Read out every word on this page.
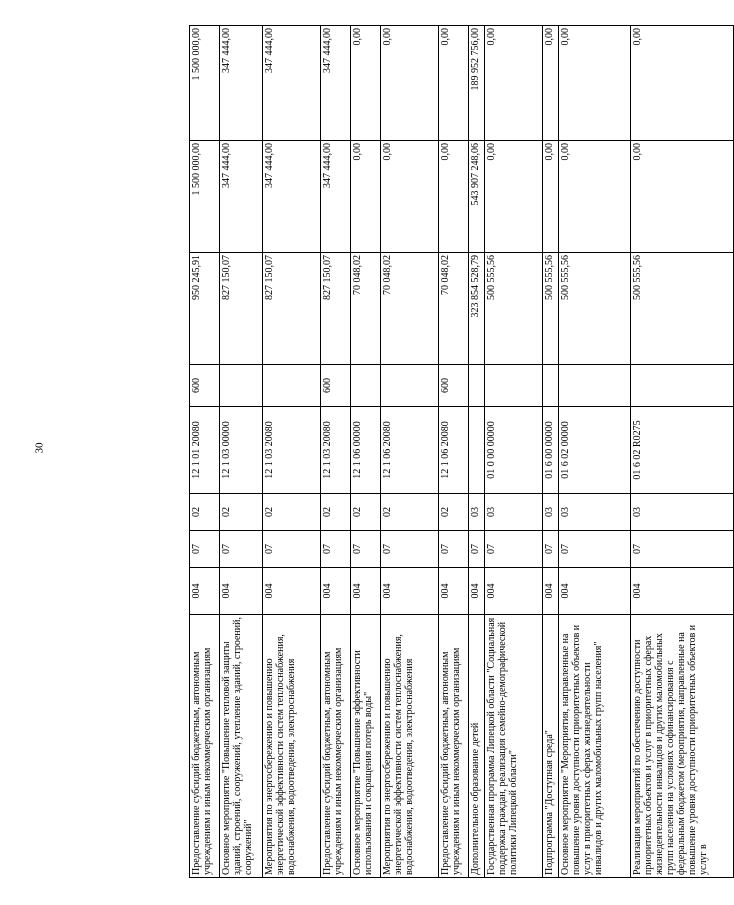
30
Предоставление субсидий бюджетным, автономным учреждениям и иным некоммерческим организациям	004	07	02	12 1 01 20080	600	950 245,91	1 500 000,00	1 500 000,00
Основное мероприятие "Повышение тепловой защиты зданий, строений, сооружений, утепление зданий, строений, сооружений"	004	07	02	12 1 03 00000		827 150,07	347 444,00	347 444,00
Мероприятия по энергосбережению и повышению энергетической эффективности систем теплоснабжения, водоснабжения, водоотведения, электроснабжения	004	07	02	12 1 03 20080		827 150,07	347 444,00	347 444,00
Предоставление субсидий бюджетным, автономным учреждениям и иным некоммерческим организациям	004	07	02	12 1 03 20080	600	827 150,07	347 444,00	347 444,00
Основное мероприятие "Повышение эффективности использования и сокращения потерь воды"	004	07	02	12 1 06 00000		70 048,02	0,00	0,00
Мероприятия по энергосбережению и повышению энергетической эффективности систем теплоснабжения, водоснабжения, водоотведения, электроснабжения	004	07	02	12 1 06 20080		70 048,02	0,00	0,00
Предоставление субсидий бюджетным, автономным учреждениям и иным некоммерческим организациям	004	07	02	12 1 06 20080	600	70 048,02	0,00	0,00
Дополнительное образование детей	004	07	03			323 854 528,79	543 907 248,06	189 952 756,00
Государственная программа Липецкой области "Социальная поддержка граждан, реализация семейно-демографической политики Липецкой области"	004	07	03	01 0 00 00000		500 555,56	0,00	0,00
Подпрограмма "Доступная среда"	004	07	03	01 6 00 00000		500 555,56	0,00	0,00
Основное мероприятие "Мероприятия, направленные на повышение уровня доступности приоритетных объектов и услуг в приоритетных сферах жизнедеятельности инвалидов и других маломобильных групп населения"	004	07	03	01 6 02 00000		500 555,56	0,00	0,00
Реализация мероприятий по обеспечению доступности приоритетных объектов и услуг в приоритетных сферах жизнедеятельности инвалидов и других маломобильных групп населения на условиях софинансирования с федеральным бюджетом (мероприятия, направленные на повышение уровня доступности приоритетных объектов и услуг в	004	07	03	01 6 02 R0275		500 555,56	0,00	0,00
